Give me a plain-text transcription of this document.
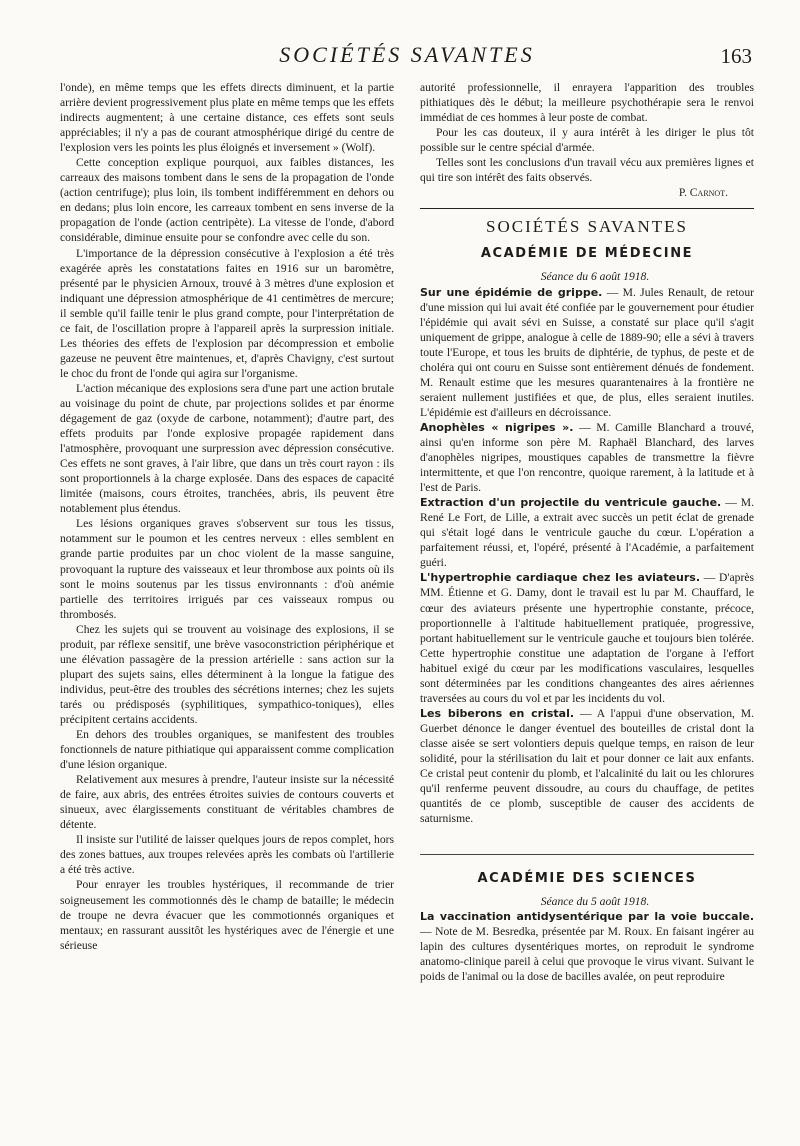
SOCIÉTÉS SAVANTES	163

l'onde), en même temps que les effets directs diminuent, et la partie arrière devient progressivement plus plate en même temps que les effets indirects augmentent; à une certaine distance, ces effets sont seuls appréciables; il n'y a pas de courant atmosphérique dirigé du centre de l'explosion vers les points les plus éloignés et inversement » (Wolf).

Cette conception explique pourquoi, aux faibles distances, les carreaux des maisons tombent dans le sens de la propagation de l'onde (action centrifuge); plus loin, ils tombent indifféremment en dehors ou en dedans; plus loin encore, les carreaux tombent en sens inverse de la propagation de l'onde (action centripète). La vitesse de l'onde, d'abord considérable, diminue ensuite pour se confondre avec celle du son.

L'importance de la dépression consécutive à l'explosion a été très exagérée après les constatations faites en 1916 sur un baromètre, présenté par le physicien Arnoux, trouvé à 3 mètres d'une explosion et indiquant une dépression atmosphérique de 41 centimètres de mercure; il semble qu'il faille tenir le plus grand compte, pour l'interprétation de ce fait, de l'oscillation propre à l'appareil après la surpression initiale. Les théories des effets de l'explosion par décompression et embolie gazeuse ne peuvent être maintenues, et, d'après Chavigny, c'est surtout le choc du front de l'onde qui agira sur l'organisme.

L'action mécanique des explosions sera d'une part une action brutale au voisinage du point de chute, par projections solides et par énorme dégagement de gaz (oxyde de carbone, notamment); d'autre part, des effets produits par l'onde explosive propagée rapidement dans l'atmosphère, provoquant une surpression avec dépression consécutive. Ces effets ne sont graves, à l'air libre, que dans un très court rayon : ils sont proportionnels à la charge explosée. Dans des espaces de capacité limitée (maisons, cours étroites, tranchées, abris, ils peuvent être notablement plus étendus.

Les lésions organiques graves s'observent sur tous les tissus, notamment sur le poumon et les centres nerveux : elles semblent en grande partie produites par un choc violent de la masse sanguine, provoquant la rupture des vaisseaux et leur thrombose aux points où ils sont le moins soutenus par les tissus environnants : d'où anémie partielle des territoires irrigués par ces vaisseaux rompus ou thrombosés.

Chez les sujets qui se trouvent au voisinage des explosions, il se produit, par réflexe sensitif, une brève vasoconstriction périphérique et une élévation passagère de la pression artérielle : sans action sur la plupart des sujets sains, elles déterminent à la longue la fatigue des individus, peut-être des troubles des sécrétions internes; chez les sujets tarés ou prédisposés (syphilitiques, sympathico-toniques), elles précipitent certains accidents.

En dehors des troubles organiques, se manifestent des troubles fonctionnels de nature pithiatique qui apparaissent comme complication d'une lésion organique.

Relativement aux mesures à prendre, l'auteur insiste sur la nécessité de faire, aux abris, des entrées étroites suivies de contours couverts et sinueux, avec élargissements constituant de véritables chambres de détente.

Il insiste sur l'utilité de laisser quelques jours de repos complet, hors des zones battues, aux troupes relevées après les combats où l'artillerie a été très active.

Pour enrayer les troubles hystériques, il recommande de trier soigneusement les commotionnés dès le champ de bataille; le médecin de troupe ne devra évacuer que les commotionnés organiques et mentaux; en rassurant aussitôt les hystériques avec de l'énergie et une sérieuse

autorité professionnelle, il enrayera l'apparition des troubles pithiatiques dès le début; la meilleure psychothérapie sera le renvoi immédiat de ces hommes à leur poste de combat.

Pour les cas douteux, il y aura intérêt à les diriger le plus tôt possible sur le centre spécial d'armée.

Telles sont les conclusions d'un travail vécu aux premières lignes et qui tire son intérêt des faits observés.

P. Carnot.

SOCIÉTÉS SAVANTES
ACADÉMIE DE MÉDECINE

Séance du 6 août 1918.

Sur une épidémie de grippe. — M. Jules Renault, de retour d'une mission qui lui avait été confiée par le gouvernement pour étudier l'épidémie qui avait sévi en Suisse, a constaté sur place qu'il s'agit uniquement de grippe, analogue à celle de 1889-90; elle a sévi à travers toute l'Europe, et tous les bruits de diphtérie, de typhus, de peste et de choléra qui ont couru en Suisse sont entièrement dénués de fondement. M. Renault estime que les mesures quarantenaires à la frontière ne seraient nullement justifiées et que, de plus, elles seraient inutiles. L'épidémie est d'ailleurs en décroissance.

Anophèles « nigripes ». — M. Camille Blanchard a trouvé, ainsi qu'en informe son père M. Raphaël Blanchard, des larves d'anophèles nigripes, moustiques capables de transmettre la fièvre intermittente, et que l'on rencontre, quoique rarement, à la latitude et à l'est de Paris.

Extraction d'un projectile du ventricule gauche. — M. René Le Fort, de Lille, a extrait avec succès un petit éclat de grenade qui s'était logé dans le ventricule gauche du cœur. L'opération a parfaitement réussi, et, l'opéré, présenté à l'Académie, a parfaitement guéri.

L'hypertrophie cardiaque chez les aviateurs. — D'après MM. Étienne et G. Damy, dont le travail est lu par M. Chauffard, le cœur des aviateurs présente une hypertrophie constante, précoce, proportionnelle à l'altitude habituellement pratiquée, progressive, portant habituellement sur le ventricule gauche et toujours bien tolérée. Cette hypertrophie constitue une adaptation de l'organe à l'effort habituel exigé du cœur par les modifications vasculaires, lesquelles sont déterminées par les conditions changeantes des aires aériennes traversées au cours du vol et par les incidents du vol.

Les biberons en cristal. — A l'appui d'une observation, M. Guerbet dénonce le danger éventuel des bouteilles de cristal dont la classe aisée se sert volontiers depuis quelque temps, en raison de leur solidité, pour la stérilisation du lait et pour donner ce lait aux enfants. Ce cristal peut contenir du plomb, et l'alcalinité du lait ou les chlorures qu'il renferme peuvent dissoudre, au cours du chauffage, de petites quantités de ce plomb, susceptible de causer des accidents de saturnisme.

ACADÉMIE DES SCIENCES

Séance du 5 août 1918.

La vaccination antidysentérique par la voie buccale. — Note de M. Besredka, présentée par M. Roux. En faisant ingérer au lapin des cultures dysentériques mortes, on reproduit le syndrome anatomo-clinique pareil à celui que provoque le virus vivant. Suivant le poids de l'animal ou la dose de bacilles avalée, on peut reproduire
